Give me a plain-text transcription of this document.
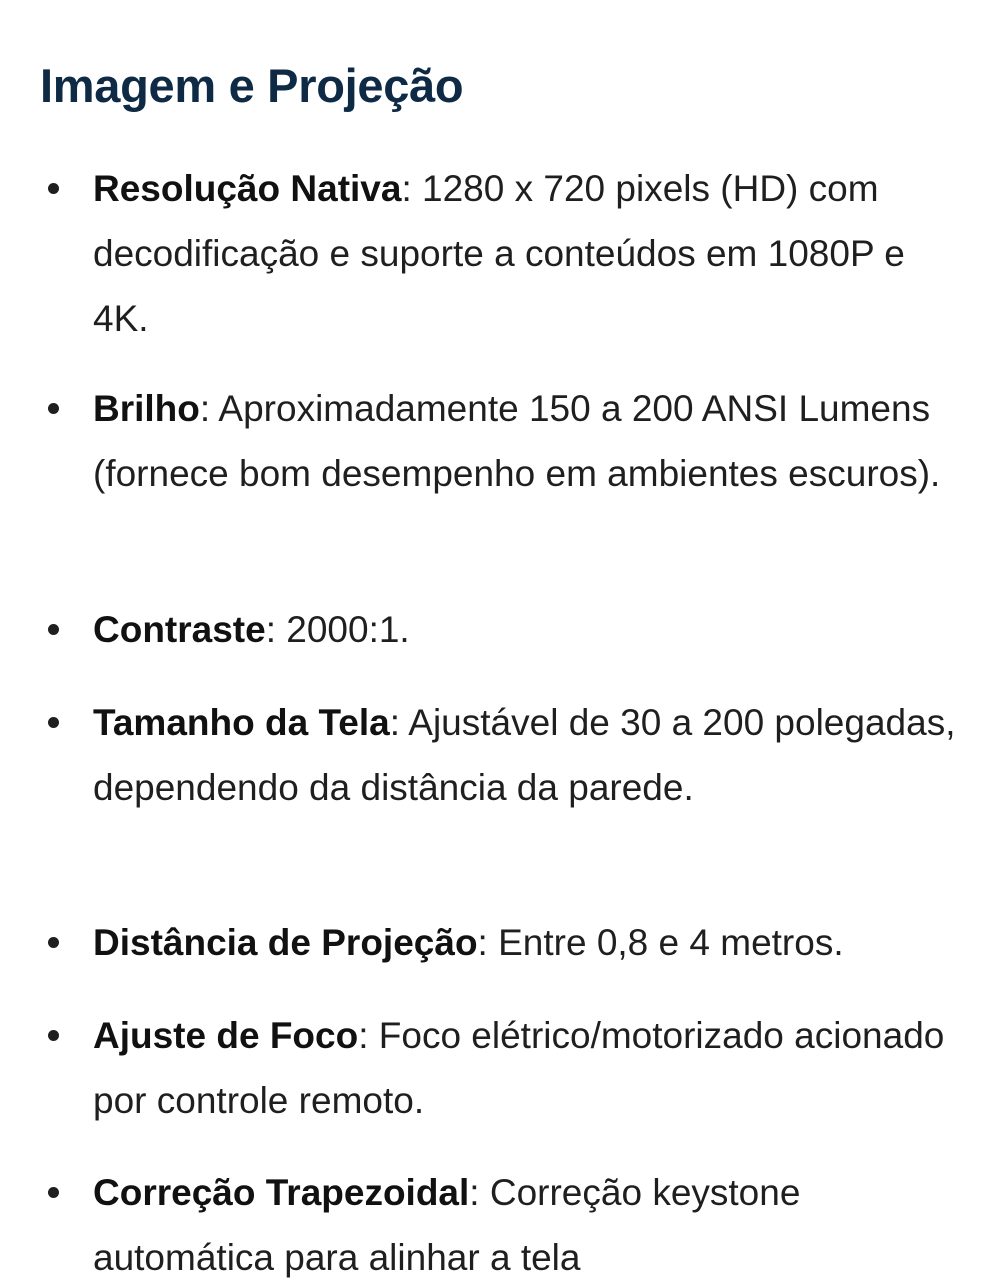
Imagem e Projeção
Resolução Nativa: 1280 x 720 pixels (HD) com decodificação e suporte a conteúdos em 1080P e 4K.
Brilho: Aproximadamente 150 a 200 ANSI Lumens (fornece bom desempenho em ambientes escuros).
Contraste: 2000:1.
Tamanho da Tela: Ajustável de 30 a 200 polegadas, dependendo da distância da parede.
Distância de Projeção: Entre 0,8 e 4 metros.
Ajuste de Foco: Foco elétrico/motorizado acionado por controle remoto.
Correção Trapezoidal: Correção keystone automática para alinhar a tela
